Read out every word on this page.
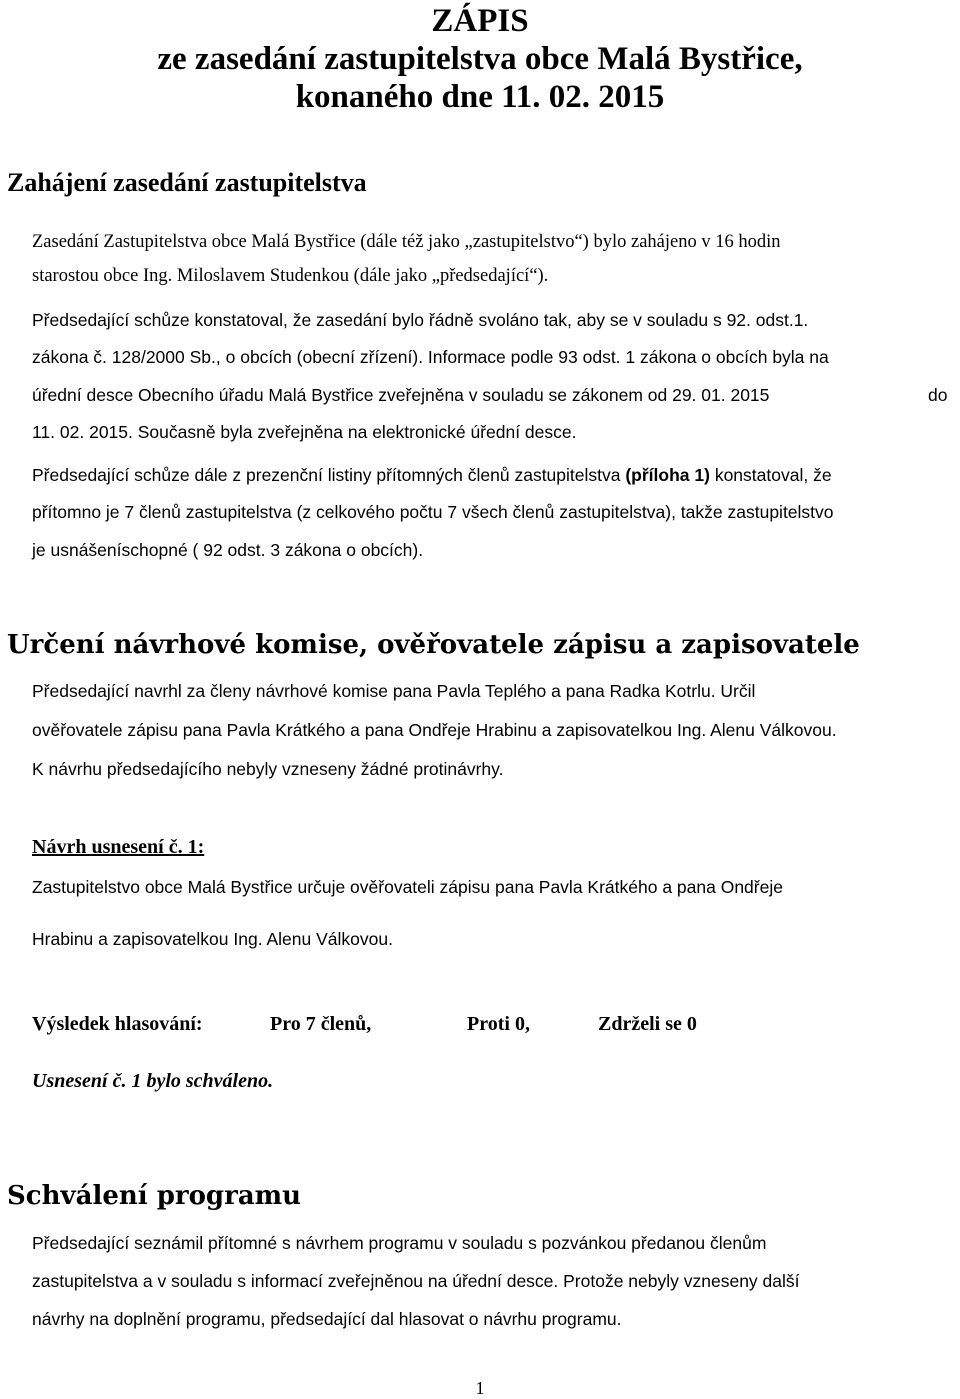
ZÁPIS
ze zasedání zastupitelstva obce Malá Bystřice,
konaného dne 11. 02. 2015
Zahájení zasedání zastupitelstva
Zasedání Zastupitelstva obce Malá Bystřice (dále též jako „zastupitelstvo“) bylo zahájeno v 16 hodin
starostou obce Ing. Miloslavem Studenkou (dále jako „předsedající“).
Předsedající schůze konstatoval, že zasedání bylo řádně svoláno tak, aby se v souladu s 92. odst.1.
zákona č. 128/2000 Sb., o obcích (obecní zřízení). Informace podle 93 odst. 1 zákona o obcích byla na
úřední desce Obecního úřadu Malá Bystřice zveřejněna v souladu se zákonem od 29. 01. 2015	do
11. 02. 2015. Současně byla zveřejněna na elektronické úřední desce.
Předsedající schůze dále z prezenční listiny přítomných členů zastupitelstva (příloha 1) konstatoval, že
přítomno je 7 členů zastupitelstva (z celkového počtu 7 všech členů zastupitelstva), takže zastupitelstvo
je usnášeníschopné ( 92 odst. 3 zákona o obcích).
Určení návrhové komise, ověřovatele zápisu a zapisovatele
Předsedající navrhl za členy návrhové komise pana Pavla Teplého a pana Radka Kotrlu. Určil
ověřovatele zápisu pana Pavla Krátkého a pana Ondřeje Hrabinu a zapisovatelkou Ing. Alenu Válkovou.
K návrhu předsedajícího nebyly vzneseny žádné protinávrhy.
Návrh usnesení č. 1:
Zastupitelstvo obce Malá Bystřice určuje ověřovateli zápisu pana Pavla Krátkého a pana Ondřeje
Hrabinu a zapisovatelkou Ing. Alenu Válkovou.
Výsledek hlasování:	Pro 7 členů,	Proti 0,	Zdrželi se 0
Usnesení č. 1 bylo schváleno.
Schválení programu
Předsedající seznámil přítomné s návrhem programu v souladu s pozvánkou předanou členům
zastupitelstva a v souladu s informací zveřejněnou na úřední desce. Protože nebyly vzneseny další
návrhy na doplnění programu, předsedající dal hlasovat o návrhu programu.
1
